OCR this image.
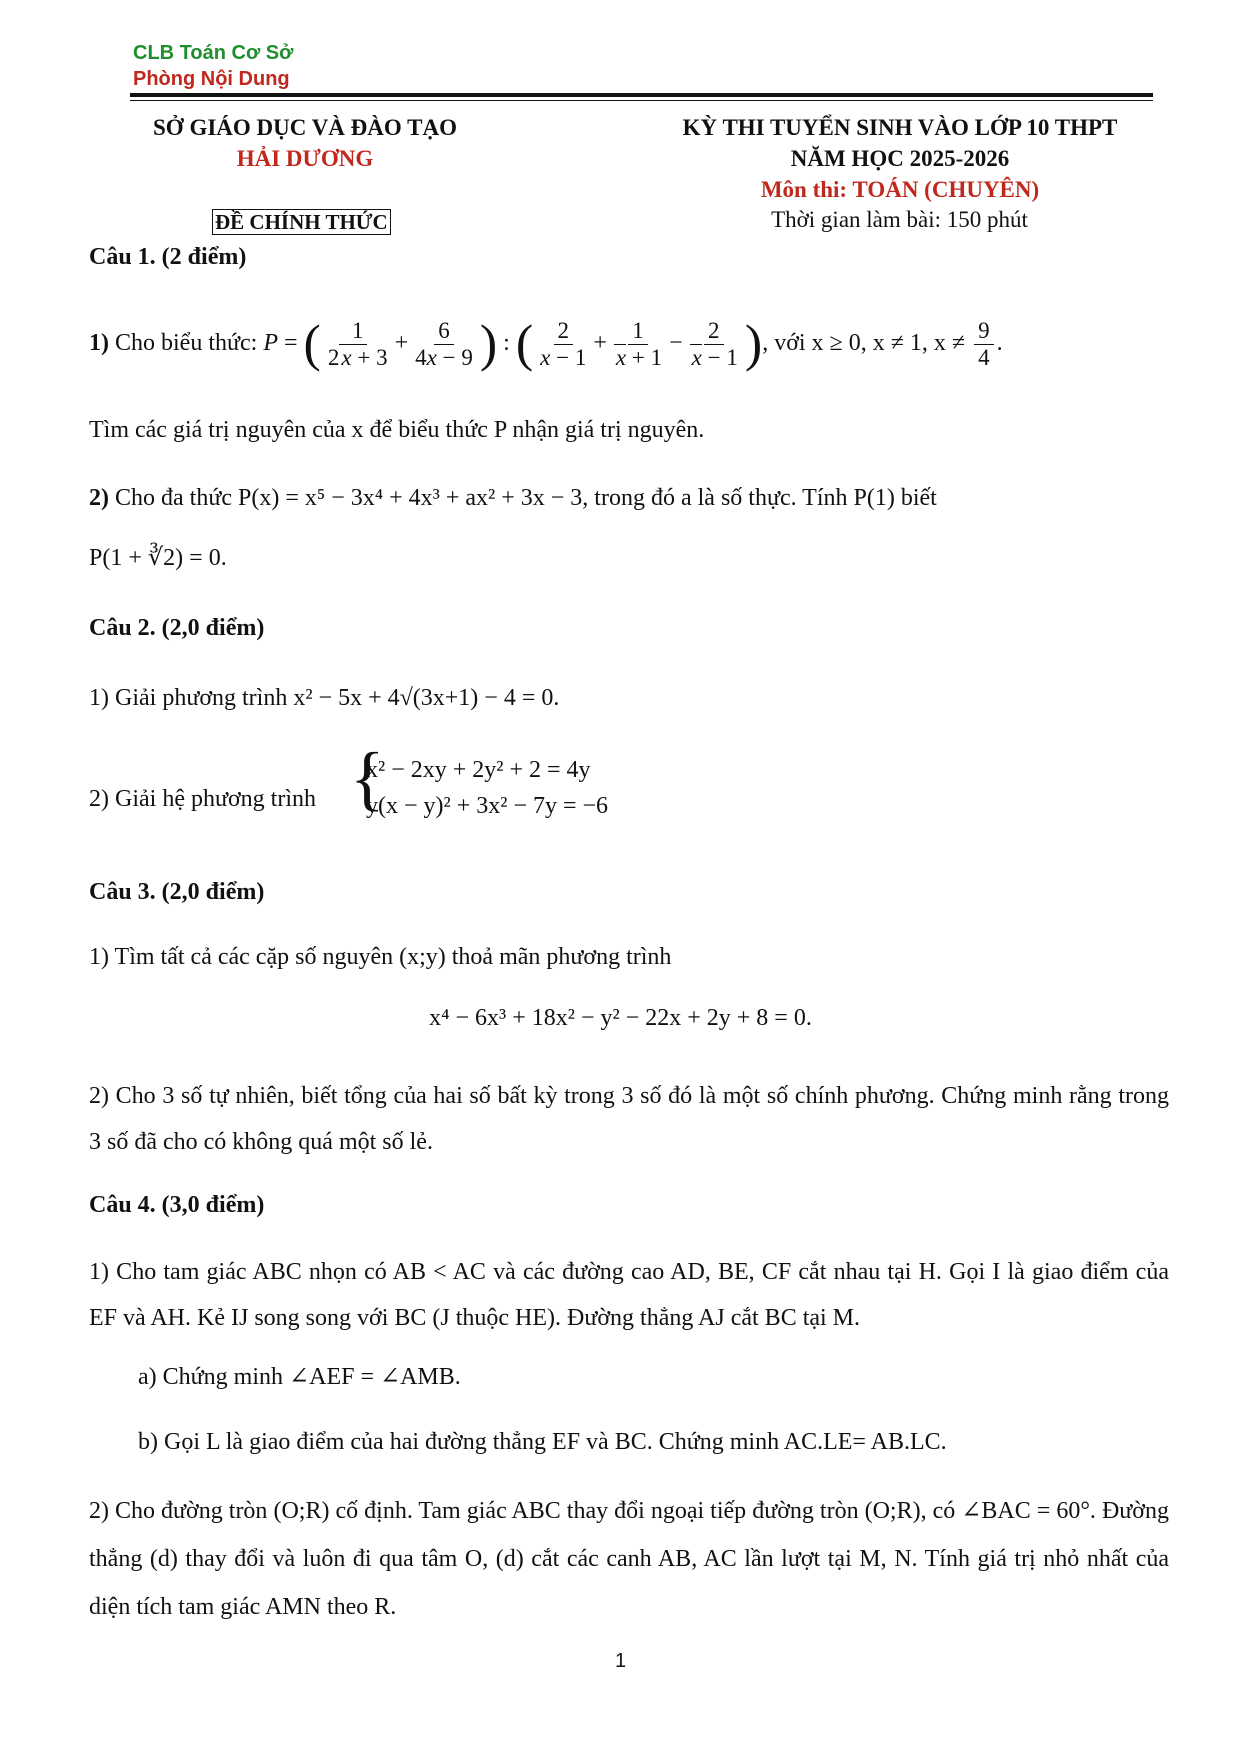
CLB Toán Cơ Sở
Phòng Nội Dung
SỞ GIÁO DỤC VÀ ĐÀO TẠO
HẢI DƯƠNG
KỲ THI TUYỂN SINH VÀO LỚP 10 THPT
NĂM HỌC 2025-2026
Môn thi: TOÁN (CHUYÊN)
ĐỀ CHÍNH THỨC	Thời gian làm bài: 150 phút
Câu 1. (2 điểm)
1) Cho biểu thức: P = ( $\frac{1}{2x + 3} + \frac{6}{4x - 9}$ ) : ( $\frac{2}{x - 1} + \frac{1}{x + 1} - \frac{2}{x - 1}$ ), với x ≥ 0, x ≠ 1, $x \ne \frac{9}{4}$ .
Tìm các giá trị nguyên của x để biểu thức P nhận giá trị nguyên.
2) Cho đa thức P(x) = x⁵ − 3x⁴ + 4x³ + ax² + 3x − 3, trong đó a là số thực. Tính P(1) biết
P(1 + ∛2) = 0.
Câu 2. (2,0 điểm)
1) Giải phương trình x² − 5x + 4√(3x+1) − 4 = 0.
2) Giải hệ phương trình {
x² − 2xy + 2y² + 2 = 4y
y(x − y)² + 3x² − 7y = −6
Câu 3. (2,0 điểm)
1) Tìm tất cả các cặp số nguyên (x;y) thoả mãn phương trình
x⁴ − 6x³ + 18x² − y² − 22x + 2y + 8 = 0.
2) Cho 3 số tự nhiên, biết tổng của hai số bất kỳ trong 3 số đó là một số chính phương. Chứng minh rằng trong 3 số đã cho có không quá một số lẻ.
Câu 4. (3,0 điểm)
1) Cho tam giác ABC nhọn có AB < AC và các đường cao AD, BE, CF cắt nhau tại H. Gọi I là giao điểm của EF và AH. Kẻ IJ song song với BC (J thuộc HE). Đường thẳng AJ cắt BC tại M.
a) Chứng minh ∠AEF = ∠AMB.
b) Gọi L là giao điểm của hai đường thẳng EF và BC. Chứng minh AC.LE= AB.LC.
2) Cho đường tròn (O;R) cố định. Tam giác ABC thay đổi ngoại tiếp đường tròn (O;R), có ∠BAC = 60°. Đường thẳng (d) thay đổi và luôn đi qua tâm O, (d) cắt các canh AB, AC lần lượt tại M, N. Tính giá trị nhỏ nhất của diện tích tam giác AMN theo R.
1
